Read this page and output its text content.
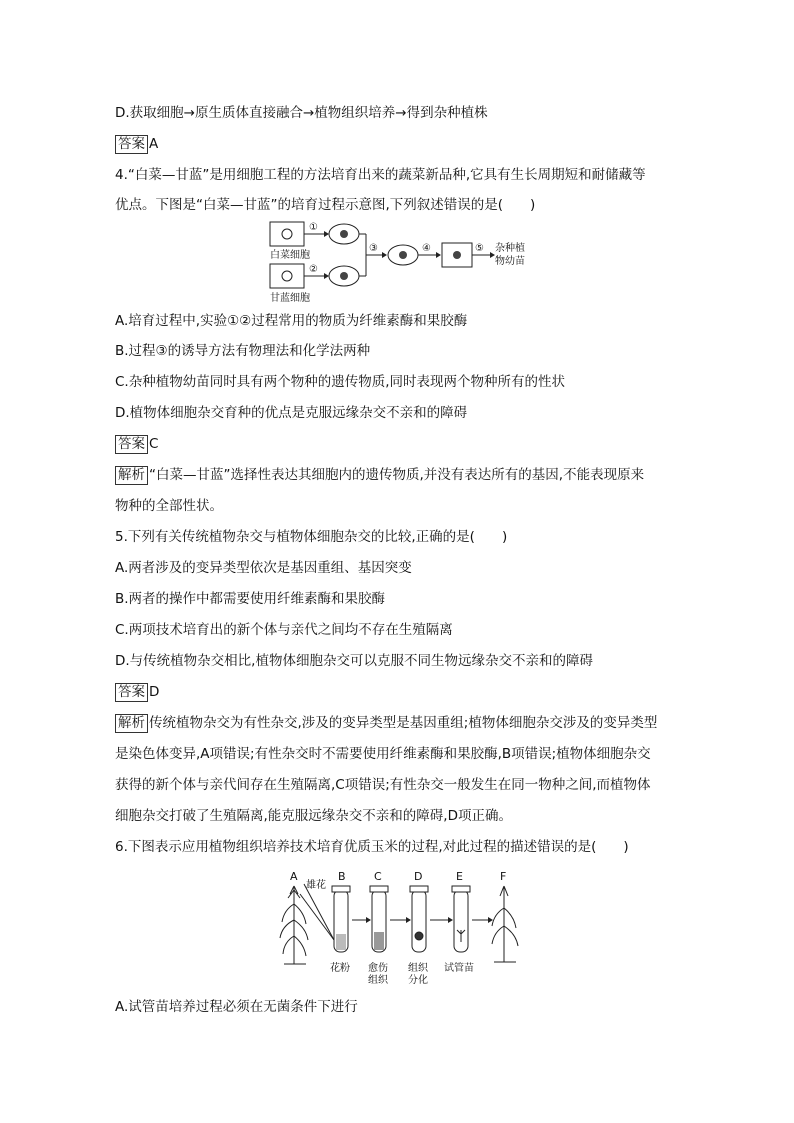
D.获取细胞→原生质体直接融合→植物组织培养→得到杂种植株
答案 A
4.“白菜—甘蓝”是用细胞工程的方法培育出来的蔬菜新品种,它具有生长周期短和耐储藏等
优点。下图是“白菜—甘蓝”的培育过程示意图,下列叙述错误的是(　　)
①
白菜细胞
②
甘蓝细胞
③	④	⑤ 杂种植
物幼苗
A.培育过程中,实验①②过程常用的物质为纤维素酶和果胶酶
B.过程③的诱导方法有物理法和化学法两种
C.杂种植物幼苗同时具有两个物种的遗传物质,同时表现两个物种所有的性状
D.植物体细胞杂交育种的优点是克服远缘杂交不亲和的障碍
答案 C
解析 “白菜—甘蓝”选择性表达其细胞内的遗传物质,并没有表达所有的基因,不能表现原来
物种的全部性状。
5.下列有关传统植物杂交与植物体细胞杂交的比较,正确的是(　　)
A.两者涉及的变异类型依次是基因重组、基因突变
B.两者的操作中都需要使用纤维素酶和果胶酶
C.两项技术培育出的新个体与亲代之间均不存在生殖隔离
D.与传统植物杂交相比,植物体细胞杂交可以克服不同生物远缘杂交不亲和的障碍
答案 D
解析 传统植物杂交为有性杂交,涉及的变异类型是基因重组;植物体细胞杂交涉及的变异类型
是染色体变异,A项错误;有性杂交时不需要使用纤维素酶和果胶酶,B项错误;植物体细胞杂交
获得的新个体与亲代间存在生殖隔离,C项错误;有性杂交一般发生在同一物种之间,而植物体
细胞杂交打破了生殖隔离,能克服远缘杂交不亲和的障碍,D项正确。
6.下图表示应用植物组织培养技术培育优质玉米的过程,对此过程的描述错误的是(　　)
A	B	C	D	E	F
雄花
花粉 愈伤
组织
组织
分化
试管苗
A.试管苗培养过程必须在无菌条件下进行
